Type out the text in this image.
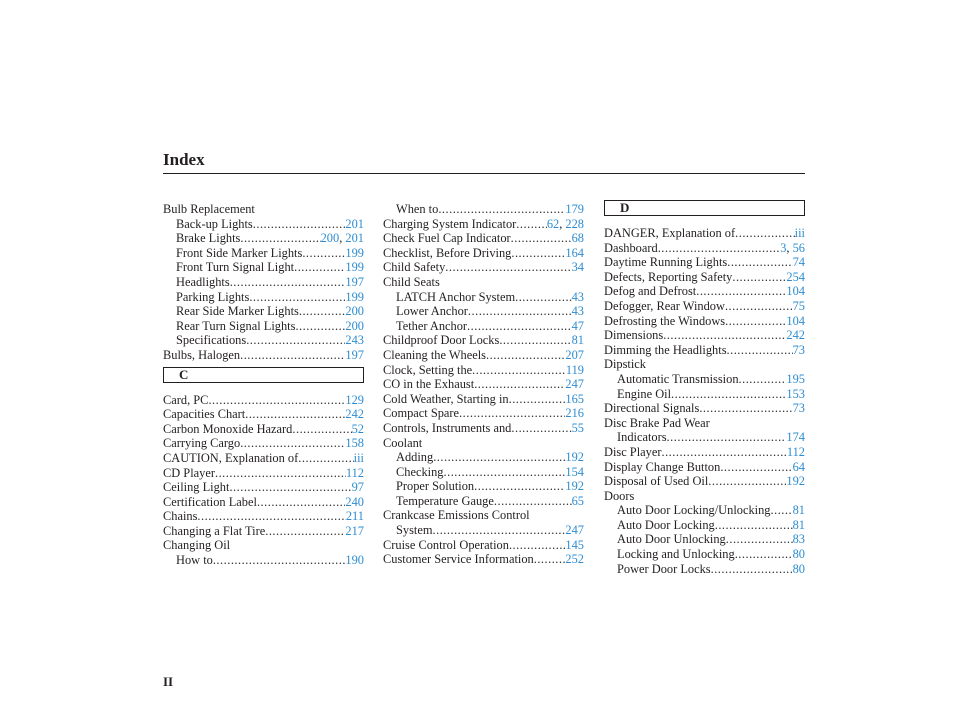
Index
Bulb Replacement
Back-up Lights .....	201
Brake Lights .....	200, 201
Front Side Marker Lights .....	199
Front Turn Signal Light .....	199
Headlights .....	197
Parking Lights .....	199
Rear Side Marker Lights .....	200
Rear Turn Signal Lights .....	200
Specifications .....	243
Bulbs, Halogen .....	197
C
Card, PC .....	129
Capacities Chart .....	242
Carbon Monoxide Hazard .....	52
Carrying Cargo .....	158
CAUTION, Explanation of .....	iii
CD Player .....	112
Ceiling Light .....	97
Certification Label .....	240
Chains .....	211
Changing a Flat Tire .....	217
Changing Oil
How to .....	190
When to .....	179
Charging System Indicator ..... 62, 228
Check Fuel Cap Indicator .....	68
Checklist, Before Driving .....	164
Child Safety .....	34
Child Seats
LATCH Anchor System .....	43
Lower Anchor .....	43
Tether Anchor .....	47
Childproof Door Locks .....	81
Cleaning the Wheels .....	207
Clock, Setting the .....	119
CO in the Exhaust .....	247
Cold Weather, Starting in .....	165
Compact Spare .....	216
Controls, Instruments and .....	55
Coolant
Adding .....	192
Checking .....	154
Proper Solution .....	192
Temperature Gauge .....	65
Crankcase Emissions Control
System .....	247
Cruise Control Operation .....	145
Customer Service Information .....	252
D
DANGER, Explanation of .....	iii
Dashboard .....	3, 56
Daytime Running Lights .....	74
Defects, Reporting Safety .....	254
Defog and Defrost .....	104
Defogger, Rear Window .....	75
Defrosting the Windows .....	104
Dimensions .....	242
Dimming the Headlights .....	73
Dipstick
Automatic Transmission .....	195
Engine Oil .....	153
Directional Signals .....	73
Disc Brake Pad Wear
Indicators .....	174
Disc Player .....	112
Display Change Button .....	64
Disposal of Used Oil .....	192
Doors
Auto Door Locking/Unlocking ..... 81
Auto Door Locking .....	81
Auto Door Unlocking .....	83
Locking and Unlocking .....	80
Power Door Locks .....	80
II
